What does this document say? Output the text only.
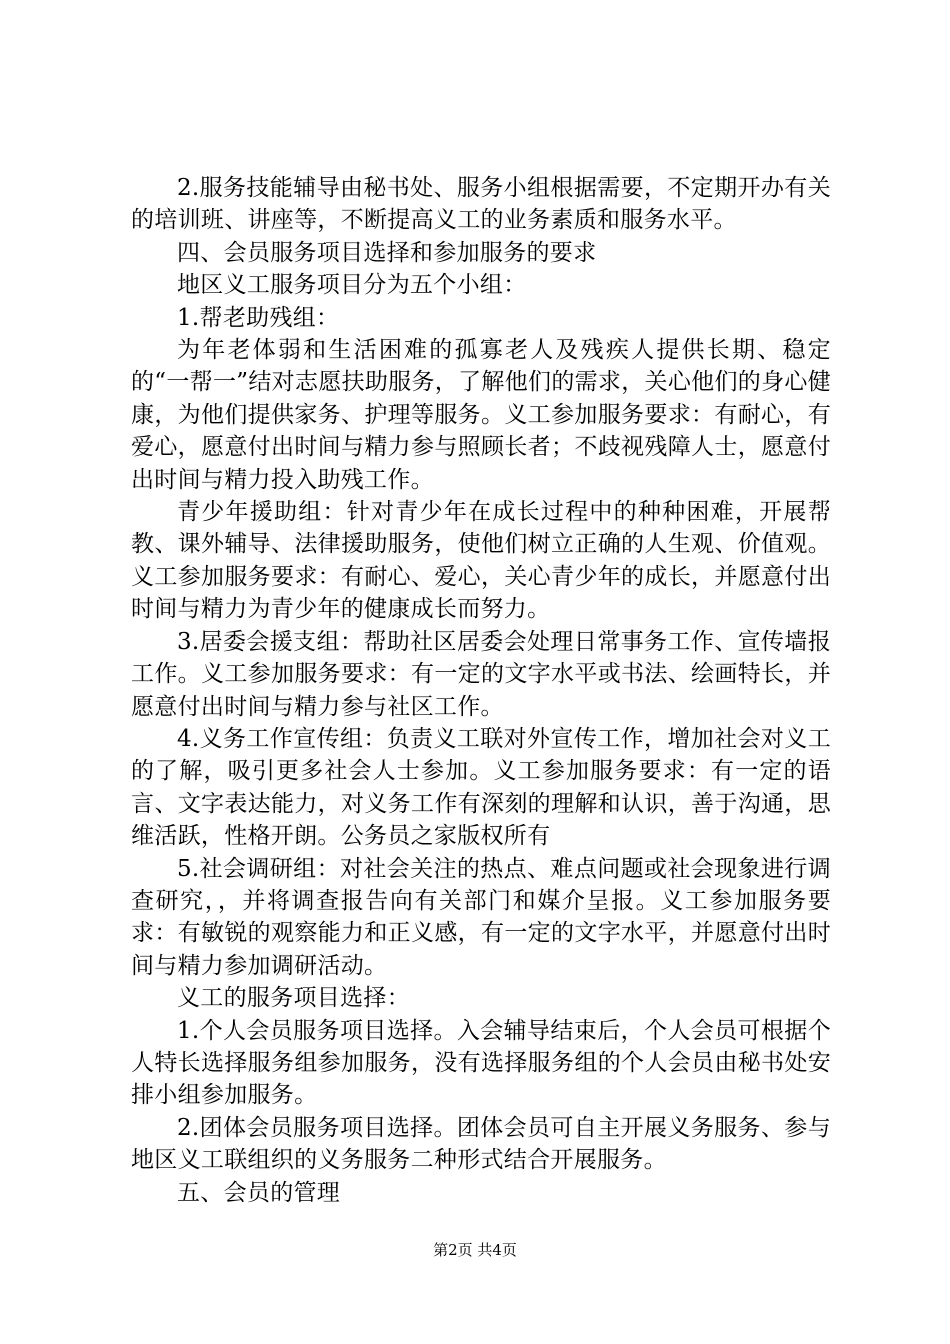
2.服务技能辅导由秘书处、服务小组根据需要，不定期开办有关的培训班、讲座等，不断提高义工的业务素质和服务水平。

四、会员服务项目选择和参加服务的要求

地区义工服务项目分为五个小组：

1.帮老助残组：

为年老体弱和生活困难的孤寡老人及残疾人提供长期、稳定的“一帮一”结对志愿扶助服务，了解他们的需求，关心他们的身心健康，为他们提供家务、护理等服务。义工参加服务要求：有耐心，有爱心，愿意付出时间与精力参与照顾长者；不歧视残障人士，愿意付出时间与精力投入助残工作。

青少年援助组：针对青少年在成长过程中的种种困难，开展帮教、课外辅导、法律援助服务，使他们树立正确的人生观、价值观。义工参加服务要求：有耐心、爱心，关心青少年的成长，并愿意付出时间与精力为青少年的健康成长而努力。

3.居委会援支组：帮助社区居委会处理日常事务工作、宣传墙报工作。义工参加服务要求：有一定的文字水平或书法、绘画特长，并愿意付出时间与精力参与社区工作。

4.义务工作宣传组：负责义工联对外宣传工作，增加社会对义工的了解，吸引更多社会人士参加。义工参加服务要求：有一定的语言、文字表达能力，对义务工作有深刻的理解和认识，善于沟通，思维活跃，性格开朗。公务员之家版权所有

5.社会调研组：对社会关注的热点、难点问题或社会现象进行调查研究，，并将调查报告向有关部门和媒介呈报。义工参加服务要求：有敏锐的观察能力和正义感，有一定的文字水平，并愿意付出时间与精力参加调研活动。

义工的服务项目选择：

1.个人会员服务项目选择。入会辅导结束后，个人会员可根据个人特长选择服务组参加服务，没有选择服务组的个人会员由秘书处安排小组参加服务。

2.团体会员服务项目选择。团体会员可自主开展义务服务、参与地区义工联组织的义务服务二种形式结合开展服务。

五、会员的管理

第2页 共4页
